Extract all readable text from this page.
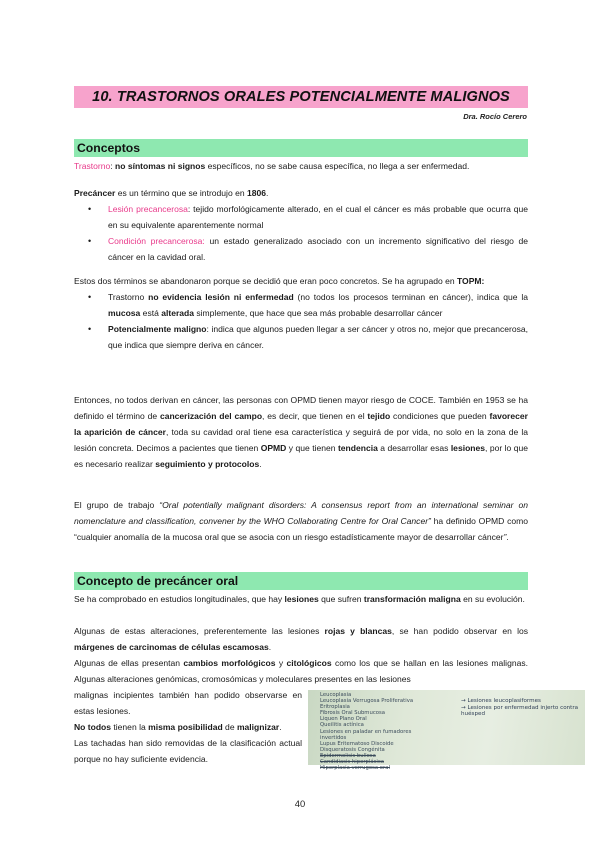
10. TRASTORNOS ORALES POTENCIALMENTE MALIGNOS
Dra. Rocío Cerero
Conceptos
Trastorno: no síntomas ni signos específicos, no se sabe causa específica, no llega a ser enfermedad.
Precáncer es un término que se introdujo en 1806.
• Lesión precancerosa: tejido morfológicamente alterado, en el cual el cáncer es más probable que ocurra que en su equivalente aparentemente normal
• Condición precancerosa: un estado generalizado asociado con un incremento significativo del riesgo de cáncer en la cavidad oral.
Estos dos términos se abandonaron porque se decidió que eran poco concretos. Se ha agrupado en TOPM:
• Trastorno no evidencia lesión ni enfermedad (no todos los procesos terminan en cáncer), indica que la mucosa está alterada simplemente, que hace que sea más probable desarrollar cáncer
• Potencialmente maligno: indica que algunos pueden llegar a ser cáncer y otros no, mejor que precancerosa, que indica que siempre deriva en cáncer.
Entonces, no todos derivan en cáncer, las personas con OPMD tienen mayor riesgo de COCE. También en 1953 se ha definido el término de cancerización del campo, es decir, que tienen en el tejido condiciones que pueden favorecer la aparición de cáncer, toda su cavidad oral tiene esa característica y seguirá de por vida, no solo en la zona de la lesión concreta. Decimos a pacientes que tienen OPMD y que tienen tendencia a desarrollar esas lesiones, por lo que es necesario realizar seguimiento y protocolos.
El grupo de trabajo “Oral potentially malignant disorders: A consensus report from an international seminar on nomenclature and classification, convener by the WHO Collaborating Centre for Oral Cancer” ha definido OPMD como “cualquier anomalía de la mucosa oral que se asocia con un riesgo estadísticamente mayor de desarrollar cáncer”.
Concepto de precáncer oral
Se ha comprobado en estudios longitudinales, que hay lesiones que sufren transformación maligna en su evolución.
Algunas de estas alteraciones, preferentemente las lesiones rojas y blancas, se han podido observar en los márgenes de carcinomas de células escamosas.
Algunas de ellas presentan cambios morfológicos y citológicos como los que se hallan en las lesiones malignas. Algunas alteraciones genómicas, cromosómicas y moleculares presentes en las lesiones
malignas incipientes también han podido observarse en estas lesiones.
No todos tienen la misma posibilidad de malignizar.
Las tachadas han sido removidas de la clasificación actual porque no hay suficiente evidencia.
Leucoplasia
Leucoplasia Verrugosa Proliferativa
Eritroplasia
Fibrosis Oral Submucosa
Liquen Plano Oral
Queilitis actínica
Lesiones en paladar en fumadores
invertidos
Lupus Eritematoso Discoide
Disqueratosis Congénita
Epidermolisis bullosa
Candidiasis hiperplásica
Hiperplasia verrugosa oral
→ Lesiones leucoplasiformes
→ Lesiones por enfermedad injerto contra huésped
40
